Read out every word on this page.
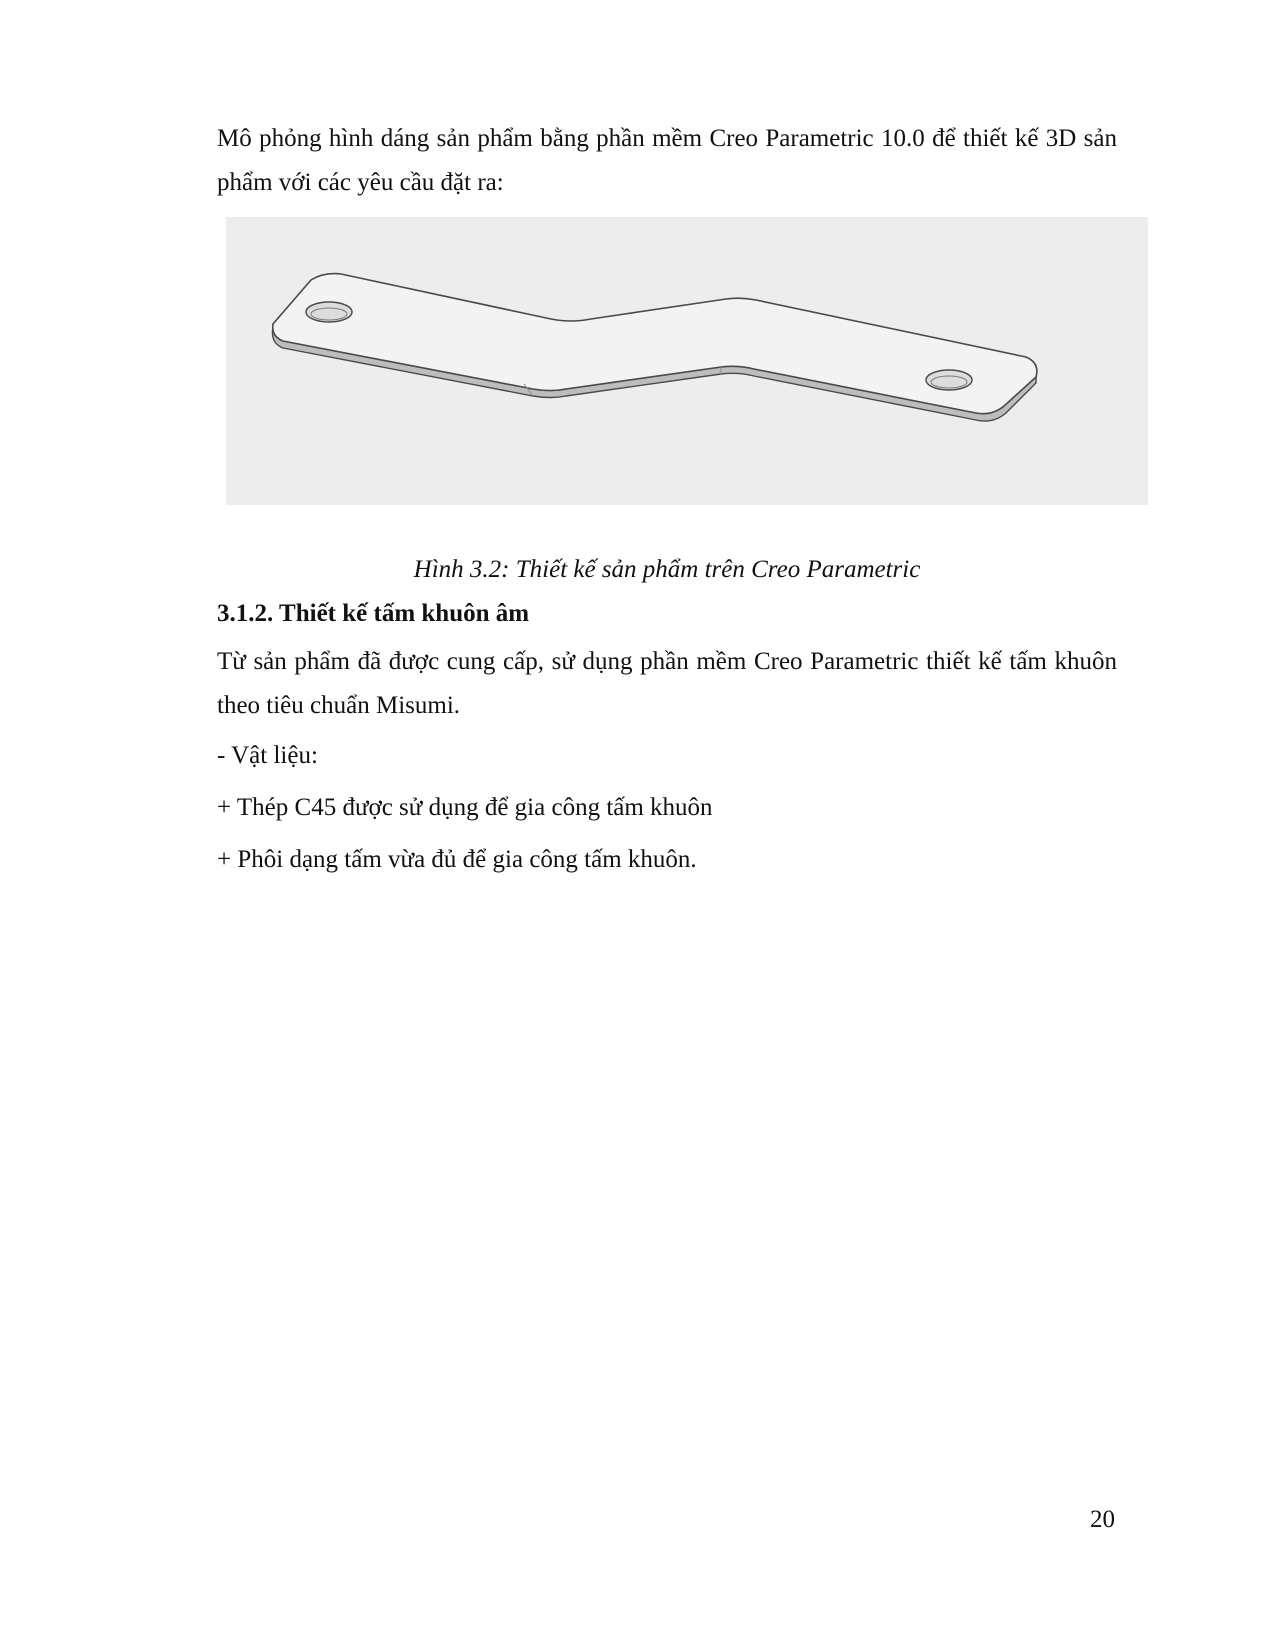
Mô phỏng hình dáng sản phẩm bằng phần mềm Creo Parametric 10.0 để thiết kế 3D sản phẩm với các yêu cầu đặt ra:

Hình 3.2: Thiết kế sản phẩm trên Creo Parametric
3.1.2. Thiết kế tấm khuôn âm

Từ sản phẩm đã được cung cấp, sử dụng phần mềm Creo Parametric thiết kế tấm khuôn theo tiêu chuẩn Misumi.

- Vật liệu:

+ Thép C45 được sử dụng để gia công tấm khuôn

+ Phôi dạng tấm vừa đủ để gia công tấm khuôn.

20
